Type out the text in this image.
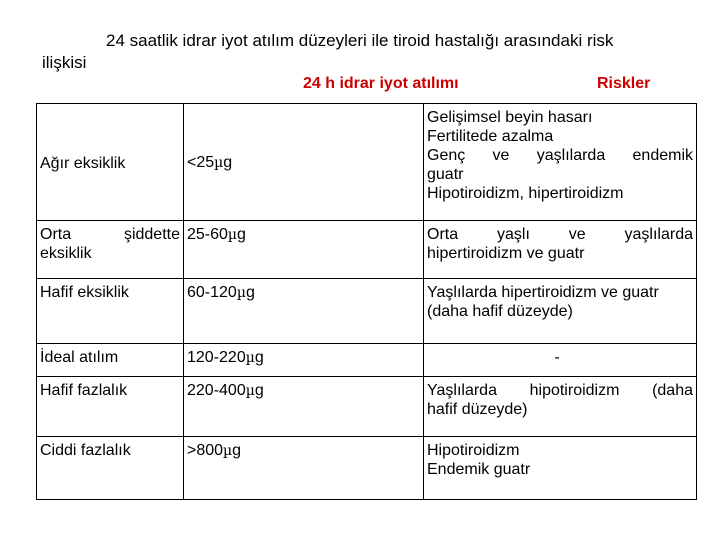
24 saatlik idrar iyot atılım düzeyleri ile tiroid hastalığı arasındaki risk
ilişkisi
24 h idrar iyot atılımı	Riskler
Ağır eksiklik	<25µg	Gelişimsel beyin hasarı
Fertilitede azalma
Genç ve yaşlılarda endemik
guatr
Hipotiroidizm, hipertiroidizm

Orta şiddette
eksiklik	25-60µg	Orta yaşlı ve yaşlılarda
hipertiroidizm ve guatr

Hafif eksiklik	60-120µg	Yaşlılarda hipertiroidizm ve guatr
(daha hafif düzeyde)

İdeal atılım	120-220µg	-

Hafif fazlalık	220-400µg	Yaşlılarda hipotiroidizm (daha
hafif düzeyde)

Ciddi fazlalık	>800µg	Hipotiroidizm
Endemik guatr
